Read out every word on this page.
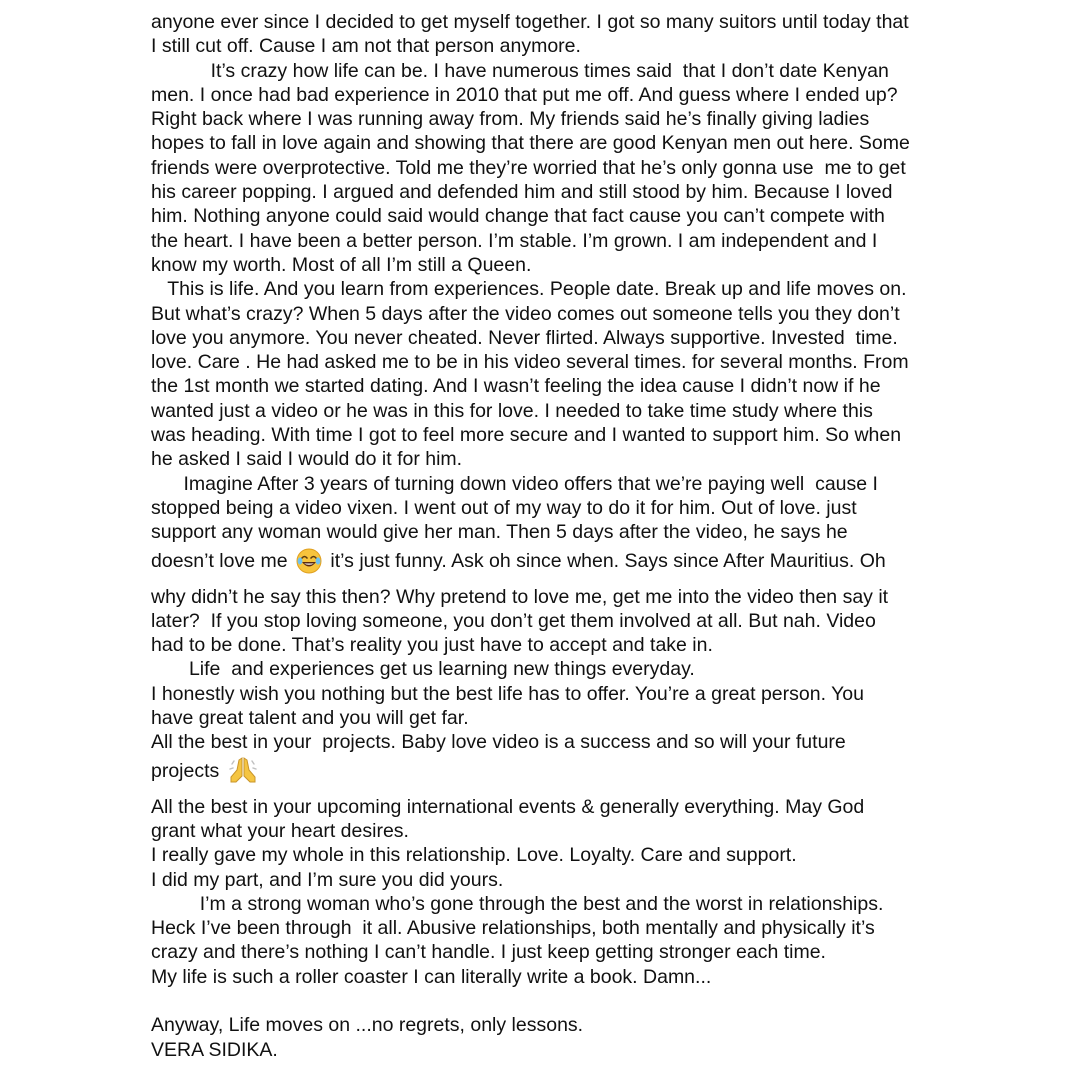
anyone ever since I decided to get myself together. I got so many suitors until today that
I still cut off. Cause I am not that person anymore.
It’s crazy how life can be. I have numerous times said  that I don’t date Kenyan
men. I once had bad experience in 2010 that put me off. And guess where I ended up?
Right back where I was running away from. My friends said he’s finally giving ladies
hopes to fall in love again and showing that there are good Kenyan men out here. Some
friends were overprotective. Told me they’re worried that he’s only gonna use  me to get
his career popping. I argued and defended him and still stood by him. Because I loved
him. Nothing anyone could said would change that fact cause you can’t compete with
the heart. I have been a better person. I’m stable. I’m grown. I am independent and I
know my worth. Most of all I’m still a Queen.
This is life. And you learn from experiences. People date. Break up and life moves on.
But what’s crazy? When 5 days after the video comes out someone tells you they don’t
love you anymore. You never cheated. Never flirted. Always supportive. Invested  time.
love. Care . He had asked me to be in his video several times. for several months. From
the 1st month we started dating. And I wasn’t feeling the idea cause I didn’t now if he
wanted just a video or he was in this for love. I needed to take time study where this
was heading. With time I got to feel more secure and I wanted to support him. So when
he asked I said I would do it for him.
Imagine After 3 years of turning down video offers that we’re paying well  cause I
stopped being a video vixen. I went out of my way to do it for him. Out of love. just
support any woman would give her man. Then 5 days after the video, he says he
doesn’t love me  it’s just funny. Ask oh since when. Says since After Mauritius. Oh
why didn’t he say this then? Why pretend to love me, get me into the video then say it
later?  If you stop loving someone, you don’t get them involved at all. But nah. Video
had to be done. That’s reality you just have to accept and take in.
Life  and experiences get us learning new things everyday.
I honestly wish you nothing but the best life has to offer. You’re a great person. You
have great talent and you will get far.
All the best in your  projects. Baby love video is a success and so will your future
projects
All the best in your upcoming international events & generally everything. May God
grant what your heart desires.
I really gave my whole in this relationship. Love. Loyalty. Care and support.
I did my part, and I’m sure you did yours.
I’m a strong woman who’s gone through the best and the worst in relationships.
Heck I’ve been through  it all. Abusive relationships, both mentally and physically it’s
crazy and there’s nothing I can’t handle. I just keep getting stronger each time.
My life is such a roller coaster I can literally write a book. Damn...
Anyway, Life moves on ...no regrets, only lessons.
VERA SIDIKA.
